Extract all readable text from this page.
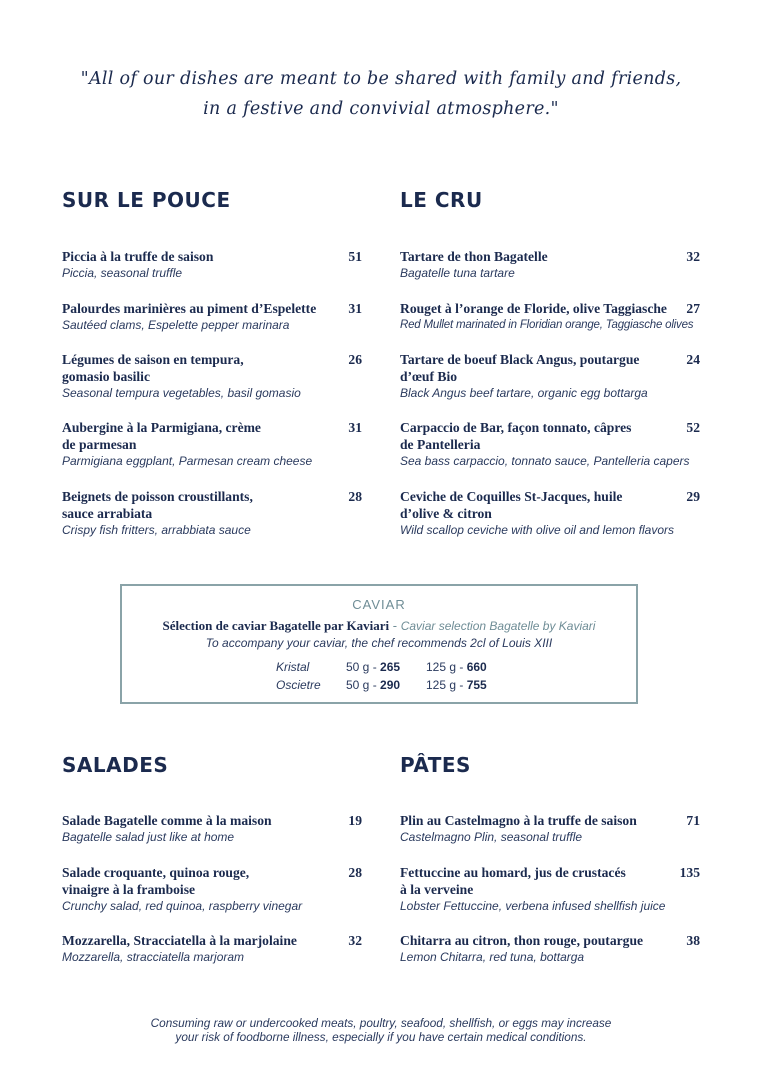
"All of our dishes are meant to be shared with family and friends,
in a festive and convivial atmosphere."
SUR LE POUCE
Piccia à la truffe de saison
Piccia, seasonal truffle
51
Palourdes marinières au piment d’Espelette
Sautéed clams, Espelette pepper marinara
31
Légumes de saison en tempura,
gomasio basilic
Seasonal tempura vegetables, basil gomasio
26
Aubergine à la Parmigiana, crème
de parmesan
Parmigiana eggplant, Parmesan cream cheese
31
Beignets de poisson croustillants,
sauce arrabiata
Crispy fish fritters, arrabbiata sauce
28
LE CRU
Tartare de thon Bagatelle
Bagatelle tuna tartare
32
Rouget à l’orange de Floride, olive Taggiasche
Red Mullet marinated in Floridian orange, Taggiasche olives
27
Tartare de boeuf Black Angus, poutargue
d’œuf Bio
Black Angus beef tartare, organic egg bottarga
24
Carpaccio de Bar, façon tonnato, câpres
de Pantelleria
Sea bass carpaccio, tonnato sauce, Pantelleria capers
52
Ceviche de Coquilles St-Jacques, huile
d’olive & citron
Wild scallop ceviche with olive oil and lemon flavors
29
CAVIAR
Sélection de caviar Bagatelle par Kaviari - Caviar selection Bagatelle by Kaviari
To accompany your caviar, the chef recommends 2cl of Louis XIII
Kristal	50 g - 265 125 g - 660
Oscietre 50 g - 290 125 g - 755
SALADES
Salade Bagatelle comme à la maison
Bagatelle salad just like at home
19
Salade croquante, quinoa rouge,
vinaigre à la framboise
Crunchy salad, red quinoa, raspberry vinegar
28
Mozzarella, Stracciatella à la marjolaine
Mozzarella, stracciatella marjoram
32
PÂTES
Plin au Castelmagno à la truffe de saison
Castelmagno Plin, seasonal truffle
71
Fettuccine au homard, jus de crustacés
à la verveine
Lobster Fettuccine, verbena infused shellfish juice
135
Chitarra au citron, thon rouge, poutargue
Lemon Chitarra, red tuna, bottarga
38
Consuming raw or undercooked meats, poultry, seafood, shellfish, or eggs may increase
your risk of foodborne illness, especially if you have certain medical conditions.
